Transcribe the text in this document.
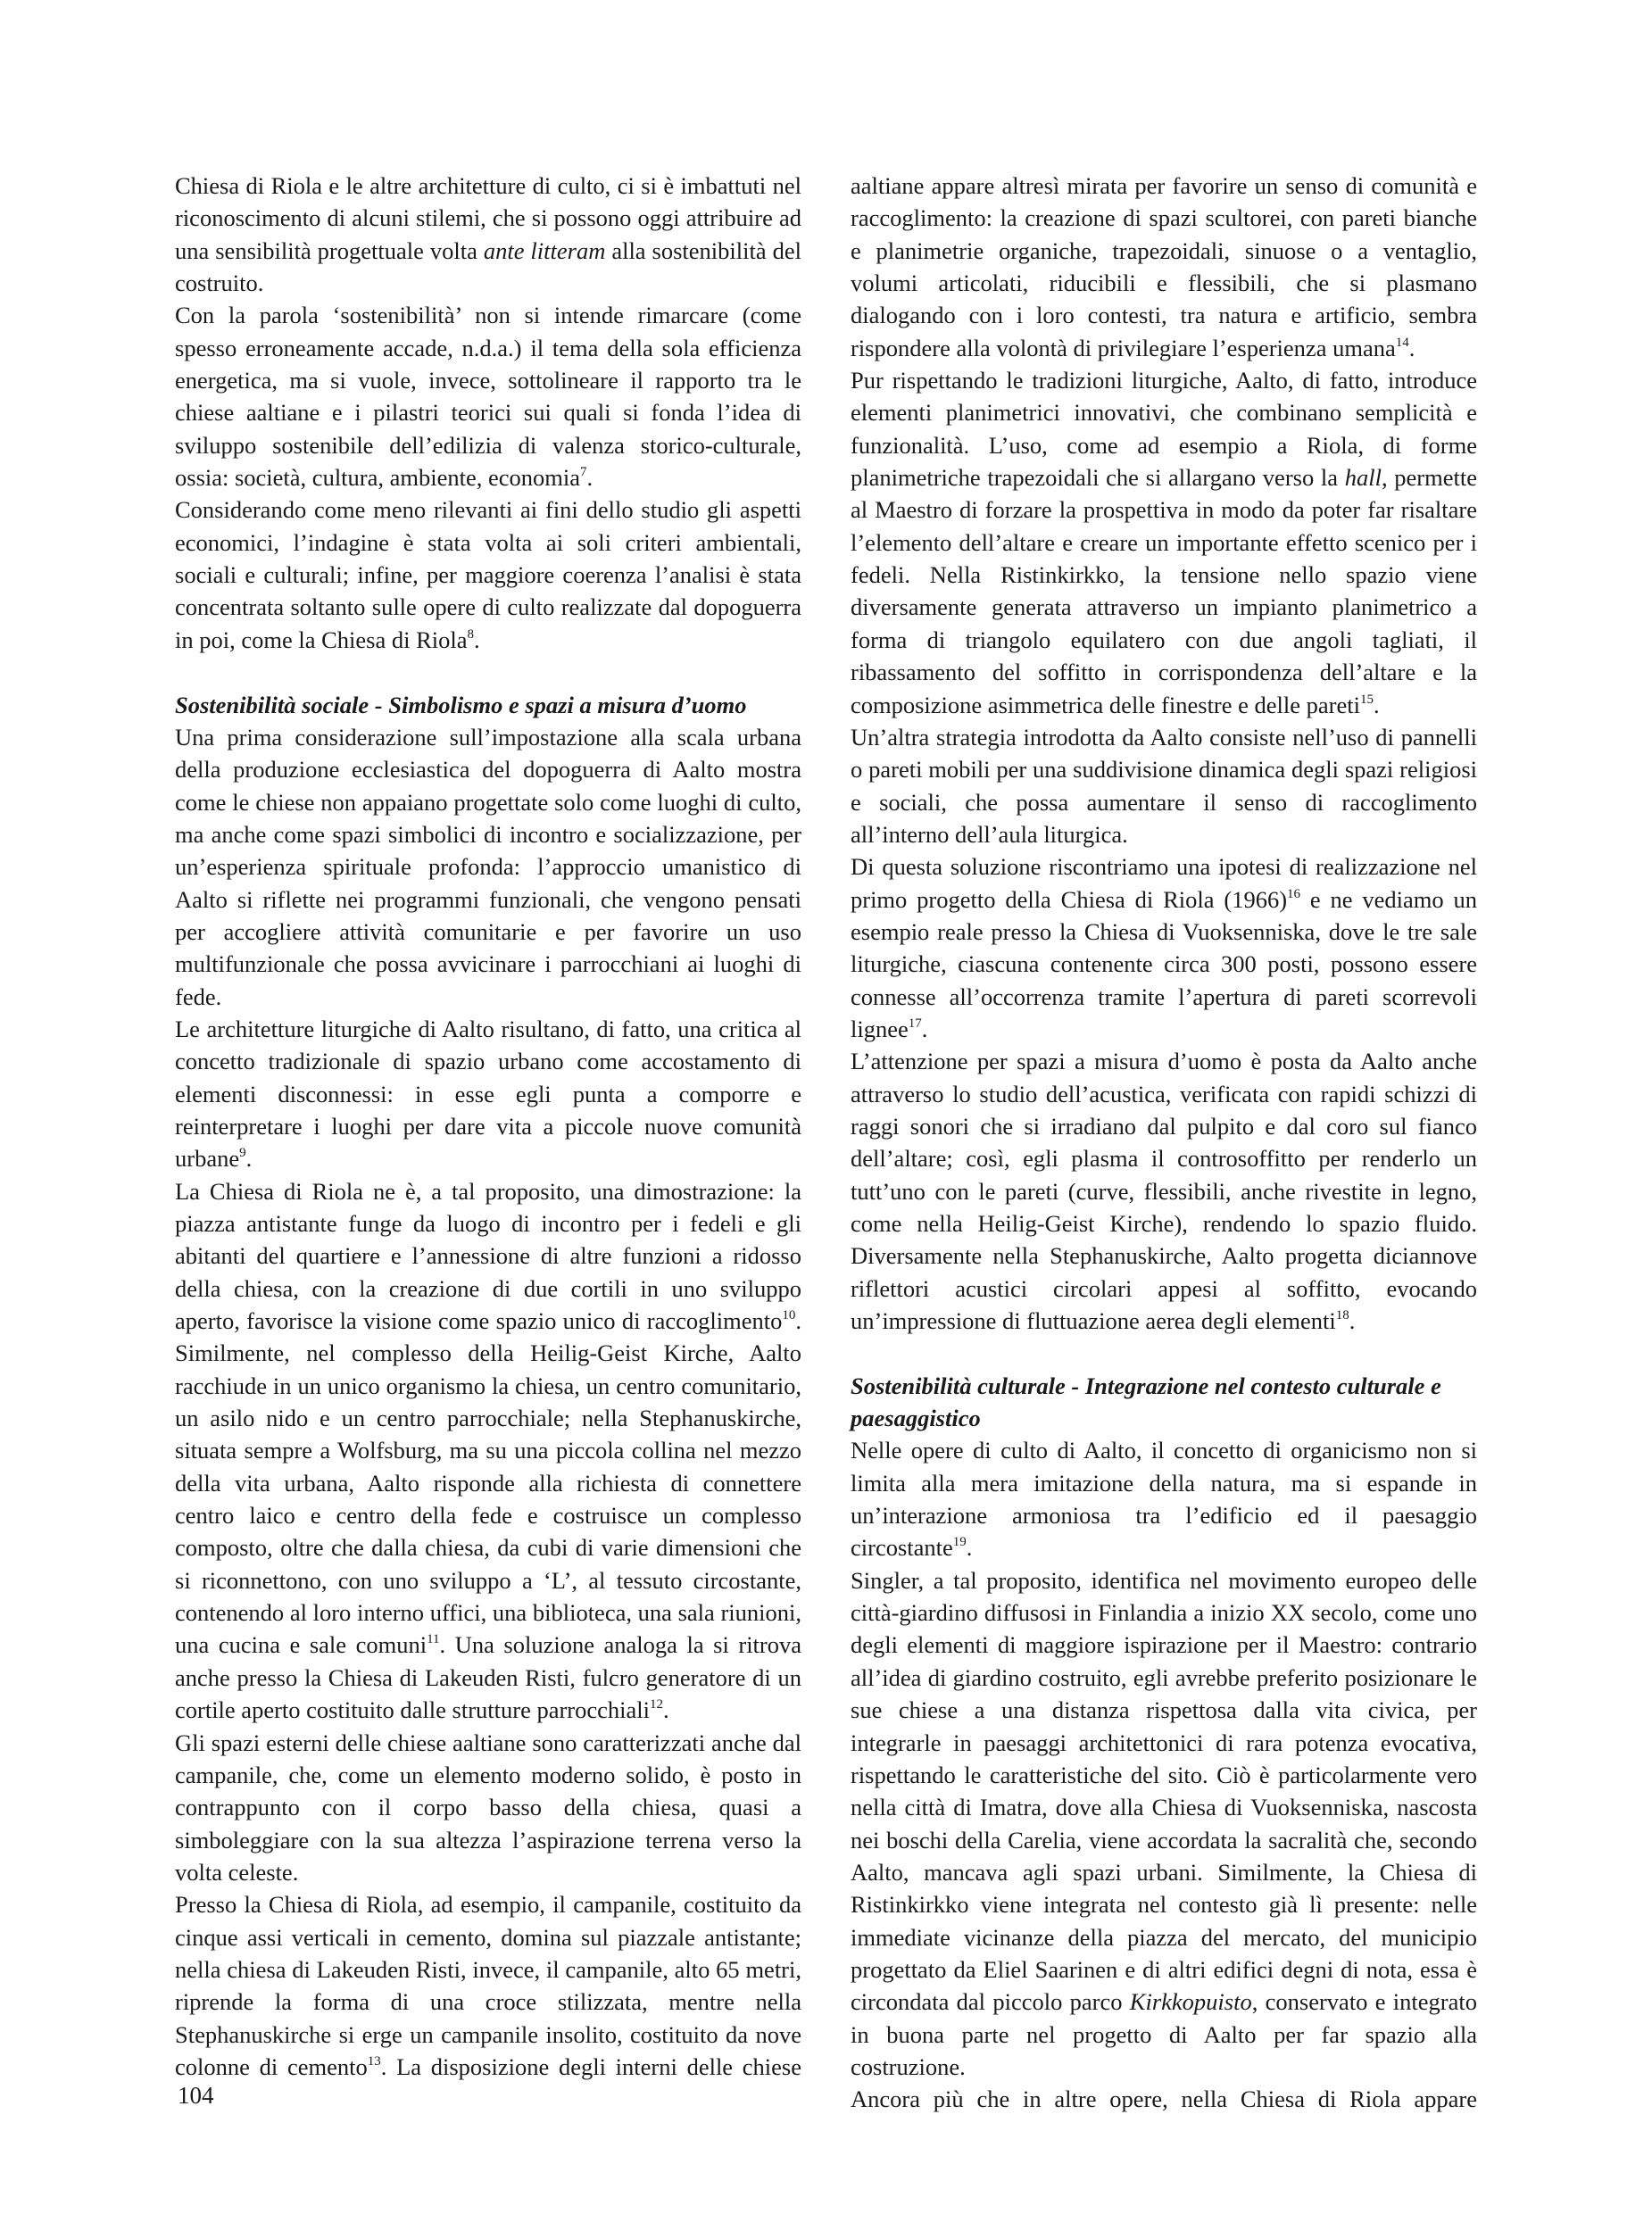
Chiesa di Riola e le altre architetture di culto, ci si è imbattuti nel riconoscimento di alcuni stilemi, che si possono oggi attribuire ad una sensibilità progettuale volta ante litteram alla sostenibilità del costruito.

Con la parola ‘sostenibilità’ non si intende rimarcare (come spesso erroneamente accade, n.d.a.) il tema della sola efficienza energetica, ma si vuole, invece, sottolineare il rapporto tra le chiese aaltiane e i pilastri teorici sui quali si fonda l’idea di sviluppo sostenibile dell’edilizia di valenza storico-culturale, ossia: società, cultura, ambiente, economia$^7$.

Considerando come meno rilevanti ai fini dello studio gli aspetti economici, l’indagine è stata volta ai soli criteri ambientali, sociali e culturali; infine, per maggiore coerenza l’analisi è stata concentrata soltanto sulle opere di culto realizzate dal dopoguerra in poi, come la Chiesa di Riola$^8$.

Sostenibilità sociale - Simbolismo e spazi a misura d’uomo

Una prima considerazione sull’impostazione alla scala urbana della produzione ecclesiastica del dopoguerra di Aalto mostra come le chiese non appaiano progettate solo come luoghi di culto, ma anche come spazi simbolici di incontro e socializzazione, per un’esperienza spirituale profonda: l’approccio umanistico di Aalto si riflette nei programmi funzionali, che vengono pensati per accogliere attività comunitarie e per favorire un uso multifunzionale che possa avvicinare i parrocchiani ai luoghi di fede.

Le architetture liturgiche di Aalto risultano, di fatto, una critica al concetto tradizionale di spazio urbano come accostamento di elementi disconnessi: in esse egli punta a comporre e reinterpretare i luoghi per dare vita a piccole nuove comunità urbane$^9$.

La Chiesa di Riola ne è, a tal proposito, una dimostrazione: la piazza antistante funge da luogo di incontro per i fedeli e gli abitanti del quartiere e l’annessione di altre funzioni a ridosso della chiesa, con la creazione di due cortili in uno sviluppo aperto, favorisce la visione come spazio unico di raccoglimento$^{10}$. Similmente, nel complesso della Heilig-Geist Kirche, Aalto racchiude in un unico organismo la chiesa, un centro comunitario, un asilo nido e un centro parrocchiale; nella Stephanuskirche, situata sempre a Wolfsburg, ma su una piccola collina nel mezzo della vita urbana, Aalto risponde alla richiesta di connettere centro laico e centro della fede e costruisce un complesso composto, oltre che dalla chiesa, da cubi di varie dimensioni che si riconnettono, con uno sviluppo a ‘L’, al tessuto circostante, contenendo al loro interno uffici, una biblioteca, una sala riunioni, una cucina e sale comuni$^{11}$. Una soluzione analoga la si ritrova anche presso la Chiesa di Lakeuden Risti, fulcro generatore di un cortile aperto costituito dalle strutture parrocchiali$^{12}$.

Gli spazi esterni delle chiese aaltiane sono caratterizzati anche dal campanile, che, come un elemento moderno solido, è posto in contrappunto con il corpo basso della chiesa, quasi a simboleggiare con la sua altezza l’aspirazione terrena verso la volta celeste.

Presso la Chiesa di Riola, ad esempio, il campanile, costituito da cinque assi verticali in cemento, domina sul piazzale antistante; nella chiesa di Lakeuden Risti, invece, il campanile, alto 65 metri, riprende la forma di una croce stilizzata, mentre nella Stephanuskirche si erge un campanile insolito, costituito da nove colonne di cemento$^{13}$. La disposizione degli interni delle chiese

aaltiane appare altresì mirata per favorire un senso di comunità e raccoglimento: la creazione di spazi scultorei, con pareti bianche e planimetrie organiche, trapezoidali, sinuose o a ventaglio, volumi articolati, riducibili e flessibili, che si plasmano dialogando con i loro contesti, tra natura e artificio, sembra rispondere alla volontà di privilegiare l’esperienza umana$^{14}$.

Pur rispettando le tradizioni liturgiche, Aalto, di fatto, introduce elementi planimetrici innovativi, che combinano semplicità e funzionalità. L’uso, come ad esempio a Riola, di forme planimetriche trapezoidali che si allargano verso la hall, permette al Maestro di forzare la prospettiva in modo da poter far risaltare l’elemento dell’altare e creare un importante effetto scenico per i fedeli. Nella Ristinkirkko, la tensione nello spazio viene diversamente generata attraverso un impianto planimetrico a forma di triangolo equilatero con due angoli tagliati, il ribassamento del soffitto in corrispondenza dell’altare e la composizione asimmetrica delle finestre e delle pareti$^{15}$.

Un’altra strategia introdotta da Aalto consiste nell’uso di pannelli o pareti mobili per una suddivisione dinamica degli spazi religiosi e sociali, che possa aumentare il senso di raccoglimento all’interno dell’aula liturgica.

Di questa soluzione riscontriamo una ipotesi di realizzazione nel primo progetto della Chiesa di Riola $(1966)^{16}$ e ne vediamo un esempio reale presso la Chiesa di Vuoksenniska, dove le tre sale liturgiche, ciascuna contenente circa 300 posti, possono essere connesse all’occorrenza tramite l’apertura di pareti scorrevoli lignee$^{17}$.

L’attenzione per spazi a misura d’uomo è posta da Aalto anche attraverso lo studio dell’acustica, verificata con rapidi schizzi di raggi sonori che si irradiano dal pulpito e dal coro sul fianco dell’altare; così, egli plasma il controsoffitto per renderlo un tutt’uno con le pareti (curve, flessibili, anche rivestite in legno, come nella Heilig-Geist Kirche), rendendo lo spazio fluido. Diversamente nella Stephanuskirche, Aalto progetta diciannove riflettori acustici circolari appesi al soffitto, evocando un’impressione di fluttuazione aerea degli elementi$^{18}$.

Sostenibilità culturale - Integrazione nel contesto culturale e paesaggistico

Nelle opere di culto di Aalto, il concetto di organicismo non si limita alla mera imitazione della natura, ma si espande in un’interazione armoniosa tra l’edificio ed il paesaggio circostante$^{19}$.

Singler, a tal proposito, identifica nel movimento europeo delle città-giardino diffusosi in Finlandia a inizio XX secolo, come uno degli elementi di maggiore ispirazione per il Maestro: contrario all’idea di giardino costruito, egli avrebbe preferito posizionare le sue chiese a una distanza rispettosa dalla vita civica, per integrarle in paesaggi architettonici di rara potenza evocativa, rispettando le caratteristiche del sito. Ciò è particolarmente vero nella città di Imatra, dove alla Chiesa di Vuoksenniska, nascosta nei boschi della Carelia, viene accordata la sacralità che, secondo Aalto, mancava agli spazi urbani. Similmente, la Chiesa di Ristinkirkko viene integrata nel contesto già lì presente: nelle immediate vicinanze della piazza del mercato, del municipio progettato da Eliel Saarinen e di altri edifici degni di nota, essa è circondata dal piccolo parco Kirkkopuisto, conservato e integrato in buona parte nel progetto di Aalto per far spazio alla costruzione.

Ancora più che in altre opere, nella Chiesa di Riola appare

104
